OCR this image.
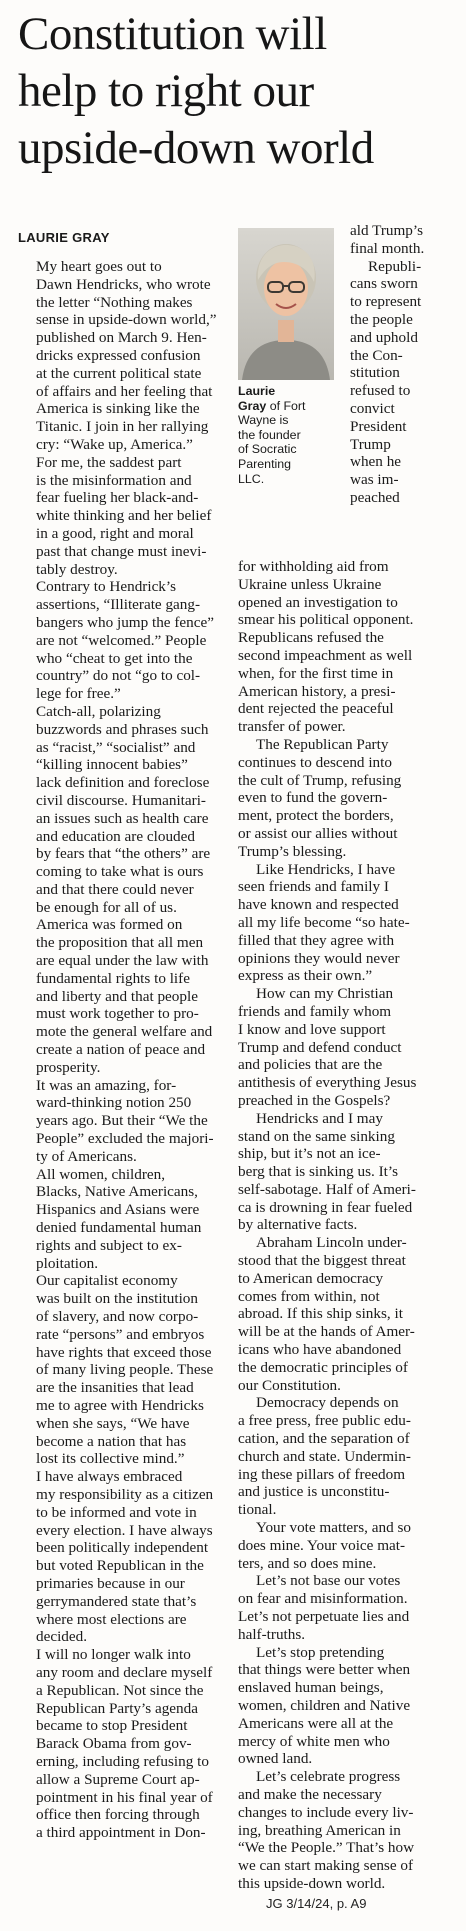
Constitution will
help to right our
upside-down world
LAURIE GRAY
Laurie
Gray of Fort
Wayne is
the founder
of Socratic
Parenting
LLC.

My heart goes out to
Dawn Hendricks, who wrote
the letter “Nothing makes
sense in upside-down world,”
published on March 9. Hen-
dricks expressed confusion
at the current political state
of affairs and her feeling that
America is sinking like the
Titanic. I join in her rallying
cry: “Wake up, America.”

For me, the saddest part
is the misinformation and
fear fueling her black-and-
white thinking and her belief
in a good, right and moral
past that change must inevi-
tably destroy.

Contrary to Hendrick’s
assertions, “Illiterate gang-
bangers who jump the fence”
are not “welcomed.” People
who “cheat to get into the
country” do not “go to col-
lege for free.”

Catch-all, polarizing
buzzwords and phrases such
as “racist,” “socialist” and
“killing innocent babies”
lack definition and foreclose
civil discourse. Humanitari-
an issues such as health care
and education are clouded
by fears that “the others” are
coming to take what is ours
and that there could never
be enough for all of us.

America was formed on
the proposition that all men
are equal under the law with
fundamental rights to life
and liberty and that people
must work together to pro-
mote the general welfare and
create a nation of peace and
prosperity.

It was an amazing, for-
ward-thinking notion 250
years ago. But their “We the
People” excluded the majori-
ty of Americans.

All women, children,
Blacks, Native Americans,
Hispanics and Asians were
denied fundamental human
rights and subject to ex-
ploitation.

Our capitalist economy
was built on the institution
of slavery, and now corpo-
rate “persons” and embryos
have rights that exceed those
of many living people. These
are the insanities that lead
me to agree with Hendricks
when she says, “We have
become a nation that has
lost its collective mind.”

I have always embraced
my responsibility as a citizen
to be informed and vote in
every election. I have always
been politically independent
but voted Republican in the
primaries because in our
gerrymandered state that’s
where most elections are
decided.

I will no longer walk into
any room and declare myself
a Republican. Not since the
Republican Party’s agenda
became to stop President
Barack Obama from gov-
erning, including refusing to
allow a Supreme Court ap-
pointment in his final year of
office then forcing through
a third appointment in Don-

ald Trump’s
final month.
Republi-
cans sworn
to represent
the people
and uphold
the Con-
stitution
refused to
convict
President
Trump
when he
was im-
peached

for withholding aid from
Ukraine unless Ukraine
opened an investigation to
smear his political opponent.
Republicans refused the
second impeachment as well
when, for the first time in
American history, a presi-
dent rejected the peaceful
transfer of power.

The Republican Party
continues to descend into
the cult of Trump, refusing
even to fund the govern-
ment, protect the borders,
or assist our allies without
Trump’s blessing.

Like Hendricks, I have
seen friends and family I
have known and respected
all my life become “so hate-
filled that they agree with
opinions they would never
express as their own.”

How can my Christian
friends and family whom
I know and love support
Trump and defend conduct
and policies that are the
antithesis of everything Jesus
preached in the Gospels?

Hendricks and I may
stand on the same sinking
ship, but it’s not an ice-
berg that is sinking us. It’s
self-sabotage. Half of Ameri-
ca is drowning in fear fueled
by alternative facts.

Abraham Lincoln under-
stood that the biggest threat
to American democracy
comes from within, not
abroad. If this ship sinks, it
will be at the hands of Amer-
icans who have abandoned
the democratic principles of
our Constitution.

Democracy depends on
a free press, free public edu-
cation, and the separation of
church and state. Undermin-
ing these pillars of freedom
and justice is unconstitu-
tional.

Your vote matters, and so
does mine. Your voice mat-
ters, and so does mine.

Let’s not base our votes
on fear and misinformation.
Let’s not perpetuate lies and
half-truths.

Let’s stop pretending
that things were better when
enslaved human beings,
women, children and Native
Americans were all at the
mercy of white men who
owned land.

Let’s celebrate progress
and make the necessary
changes to include every liv-
ing, breathing American in
“We the People.” That’s how
we can start making sense of
this upside-down world.

JG 3/14/24, p. A9
